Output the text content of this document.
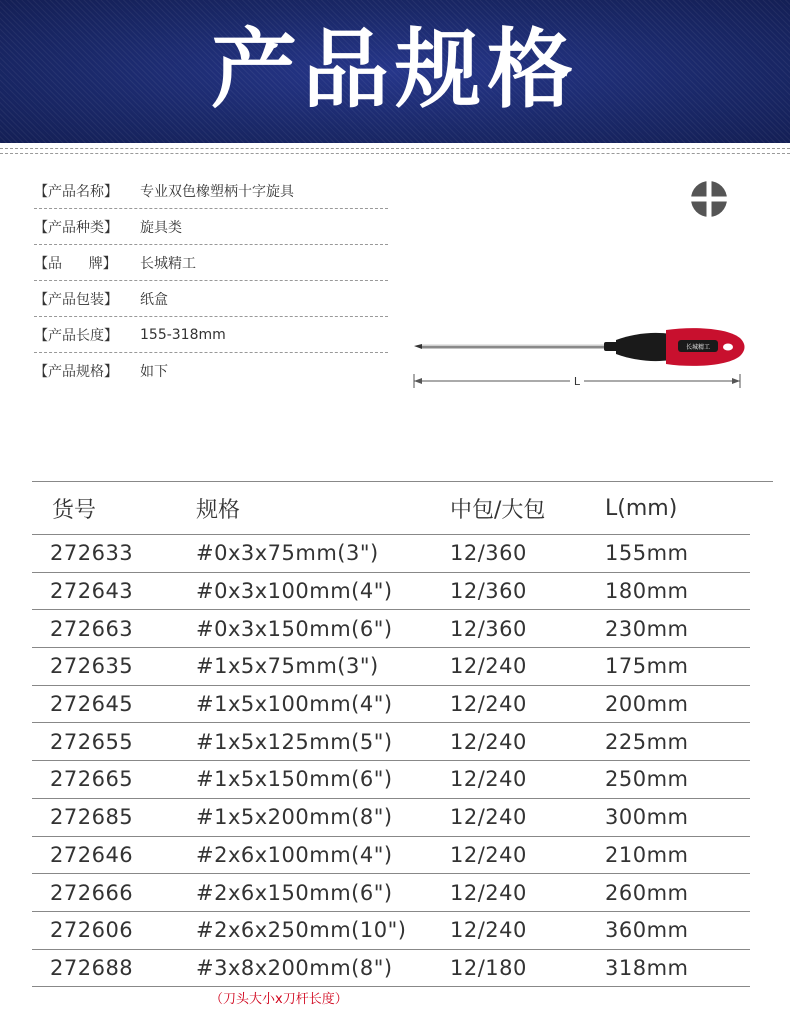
产品规格
【产品名称】	专业双色橡塑柄十字旋具
【产品种类】	旋具类
【品      牌】	长城精工
【产品包装】	纸盒
【产品长度】	155-318mm
【产品规格】	如下
长城精工
L
货号	规格	中包/大包	L(mm)
272633	#0x3x75mm(3")	12/360	155mm
272643	#0x3x100mm(4")	12/360	180mm
272663	#0x3x150mm(6")	12/360	230mm
272635	#1x5x75mm(3")	12/240	175mm
272645	#1x5x100mm(4")	12/240	200mm
272655	#1x5x125mm(5")	12/240	225mm
272665	#1x5x150mm(6")	12/240	250mm
272685	#1x5x200mm(8")	12/240	300mm
272646	#2x6x100mm(4")	12/240	210mm
272666	#2x6x150mm(6")	12/240	260mm
272606	#2x6x250mm(10")	12/240	360mm
272688	#3x8x200mm(8")	12/180	318mm
（刀头大小x刀杆长度）
